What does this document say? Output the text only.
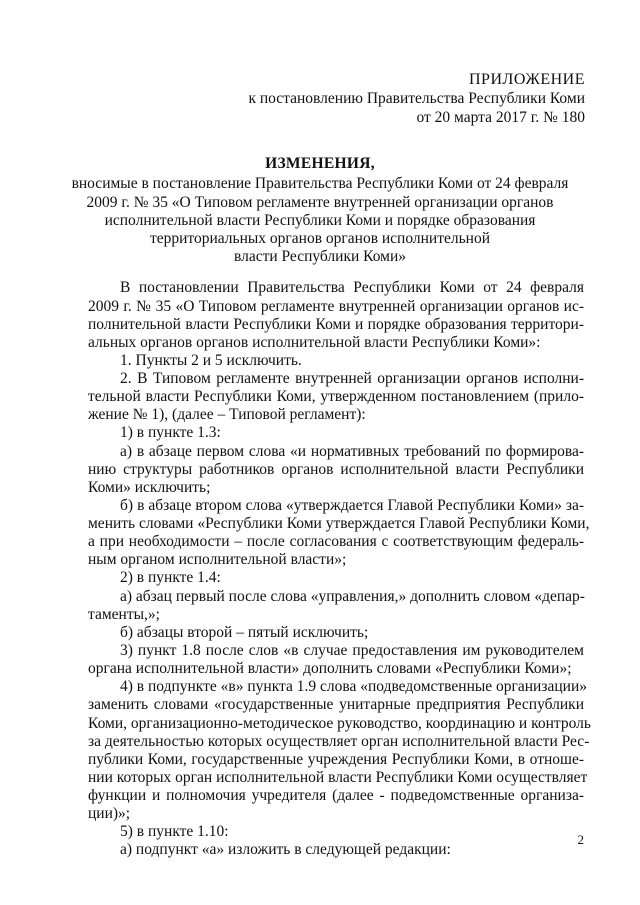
ПРИЛОЖЕНИЕ
к постановлению Правительства Республики Коми
от 20 марта 2017 г. № 180
ИЗМЕНЕНИЯ,
вносимые в постановление Правительства Республики Коми от 24 февраля
2009 г. № 35 «О Типовом регламенте внутренней организации органов
исполнительной власти Республики Коми и порядке образования
территориальных органов органов исполнительной
власти Республики Коми»
В постановлении Правительства Республики Коми от 24 февраля
2009 г. № 35 «О Типовом регламенте внутренней организации органов ис-
полнительной власти Республики Коми и порядке образования территори-
альных органов органов исполнительной власти Республики Коми»:
1. Пункты 2 и 5 исключить.
2. В Типовом регламенте внутренней организации органов исполни-
тельной власти Республики Коми, утвержденном постановлением (прило-
жение № 1), (далее – Типовой регламент):
1) в пункте 1.3:
а) в абзаце первом слова «и нормативных требований по формирова-
нию структуры работников органов исполнительной власти Республики
Коми» исключить;
б) в абзаце втором слова «утверждается Главой Республики Коми» за-
менить словами «Республики Коми утверждается Главой Республики Коми,
а при необходимости – после согласования с соответствующим федераль-
ным органом исполнительной власти»;
2) в пункте 1.4:
а) абзац первый после слова «управления,» дополнить словом «депар-
таменты,»;
б) абзацы второй – пятый исключить;
3) пункт 1.8 после слов «в случае предоставления им руководителем
органа исполнительной власти» дополнить словами «Республики Коми»;
4) в подпункте «в» пункта 1.9 слова «подведомственные организации»
заменить словами «государственные унитарные предприятия Республики
Коми, организационно-методическое руководство, координацию и контроль
за деятельностью которых осуществляет орган исполнительной власти Рес-
публики Коми, государственные учреждения Республики Коми, в отноше-
нии которых орган исполнительной власти Республики Коми осуществляет
функции и полномочия учредителя (далее - подведомственные организа-
ции)»;
5) в пункте 1.10:
а) подпункт «а» изложить в следующей редакции:
2
